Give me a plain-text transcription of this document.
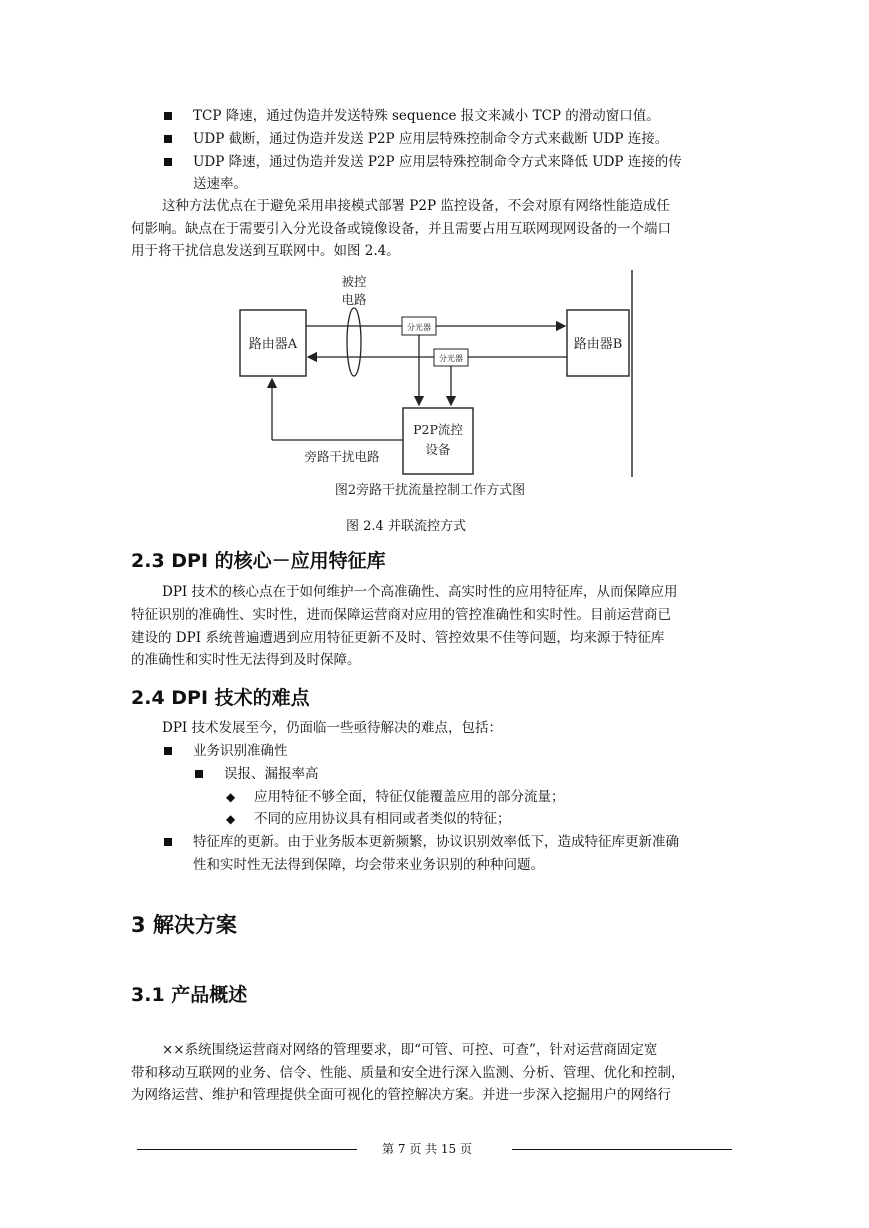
TCP 降速，通过伪造并发送特殊 sequence 报文来减小 TCP 的滑动窗口值。
UDP 截断，通过伪造并发送 P2P 应用层特殊控制命令方式来截断 UDP 连接。
UDP 降速，通过伪造并发送 P2P 应用层特殊控制命令方式来降低 UDP 连接的传
送速率。
这种方法优点在于避免采用串接模式部署 P2P 监控设备，不会对原有网络性能造成任
何影响。缺点在于需要引入分光设备或镜像设备，并且需要占用互联网现网设备的一个端口
用于将干扰信息发送到互联网中。如图 2.4。
路由器A	路由器B
被控
电路
分光器
分光器
P2P流控
设备
旁路干扰电路
图2旁路干扰流量控制工作方式图
图 2.4 并联流控方式
2.3 DPI 的核心－应用特征库
DPI 技术的核心点在于如何维护一个高准确性、高实时性的应用特征库，从而保障应用
特征识别的准确性、实时性，进而保障运营商对应用的管控准确性和实时性。目前运营商已
建设的 DPI 系统普遍遭遇到应用特征更新不及时、管控效果不佳等问题，均来源于特征库
的准确性和实时性无法得到及时保障。
2.4 DPI 技术的难点
DPI 技术发展至今，仍面临一些亟待解决的难点，包括：
业务识别准确性
误报、漏报率高
◆ 应用特征不够全面，特征仅能覆盖应用的部分流量；
◆ 不同的应用协议具有相同或者类似的特征；
特征库的更新。由于业务版本更新频繁，协议识别效率低下，造成特征库更新准确
性和实时性无法得到保障，均会带来业务识别的种种问题。
3 解决方案
3.1 产品概述
××系统围绕运营商对网络的管理要求，即“可管、可控、可查”，针对运营商固定宽
带和移动互联网的业务、信令、性能、质量和安全进行深入监测、分析、管理、优化和控制，
为网络运营、维护和管理提供全面可视化的管控解决方案。并进一步深入挖掘用户的网络行
第 7 页 共 15 页
